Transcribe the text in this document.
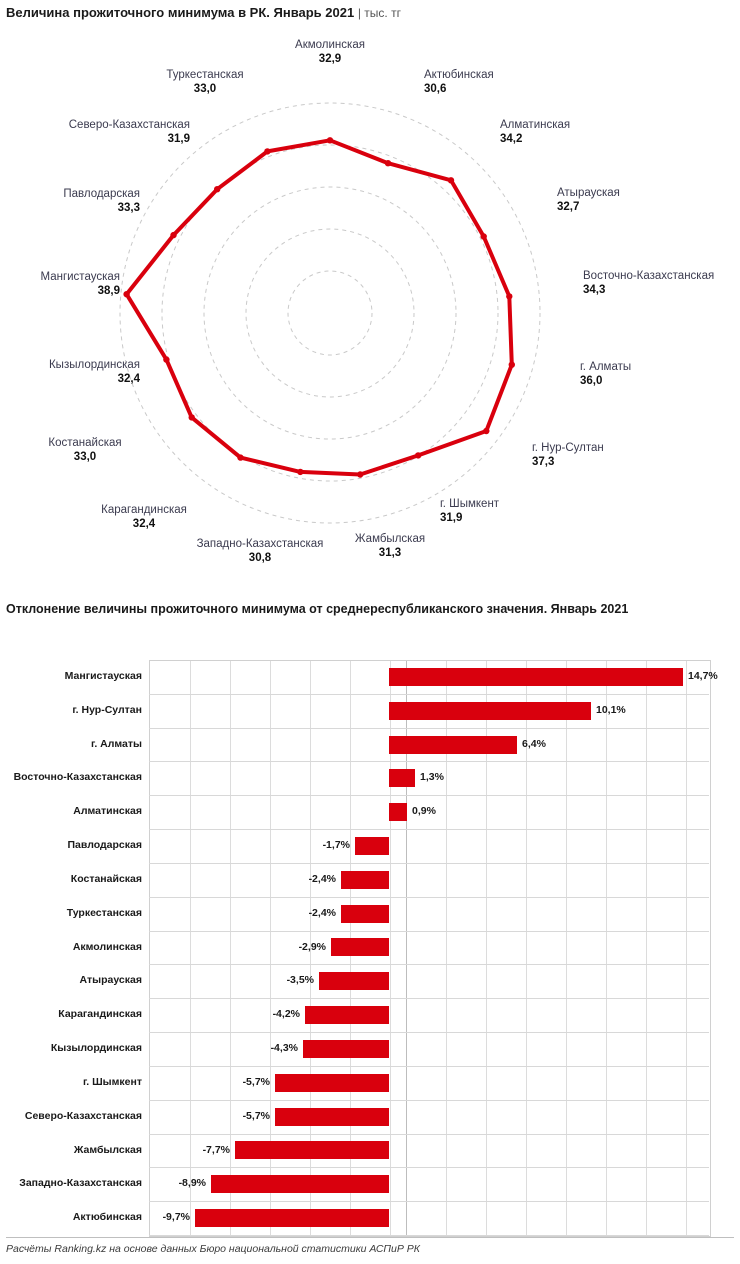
Величина прожиточного минимума в РК. Январь 2021 | тыс. тг
Акмолинская
32,9
Актюбинская
30,6
Алматинская
34,2
Атырауская
32,7
Восточно-Казахстанская
34,3
г. Алматы
36,0
г. Нур-Султан
37,3
г. Шымкент
31,9
Жамбылская
31,3
Западно-Казахстанская
30,8
Карагандинская
32,4
Костанайская
33,0
Кызылординская
32,4
Мангистауская
38,9
Павлодарская
33,3
Северо-Казахстанская
31,9
Туркестанская
33,0
Отклонение величины прожиточного минимума от среднереспубликанского значения. Январь 2021
Мангистауская	14,7%
г. Нур-Султан	10,1%
г. Алматы	6,4%
Восточно-Казахстанская	1,3%
Алматинская	0,9%
Павлодарская	-1,7%
Костанайская	-2,4%
Туркестанская	-2,4%
Акмолинская	-2,9%
Атырауская	-3,5%
Карагандинская	-4,2%
Кызылординская	-4,3%
г. Шымкент	-5,7%
Северо-Казахстанская	-5,7%
Жамбылская	-7,7%
Западно-Казахстанская	-8,9%
Актюбинская	-9,7%
Расчёты Ranking.kz на основе данных Бюро национальной статистики АСПиР РК
